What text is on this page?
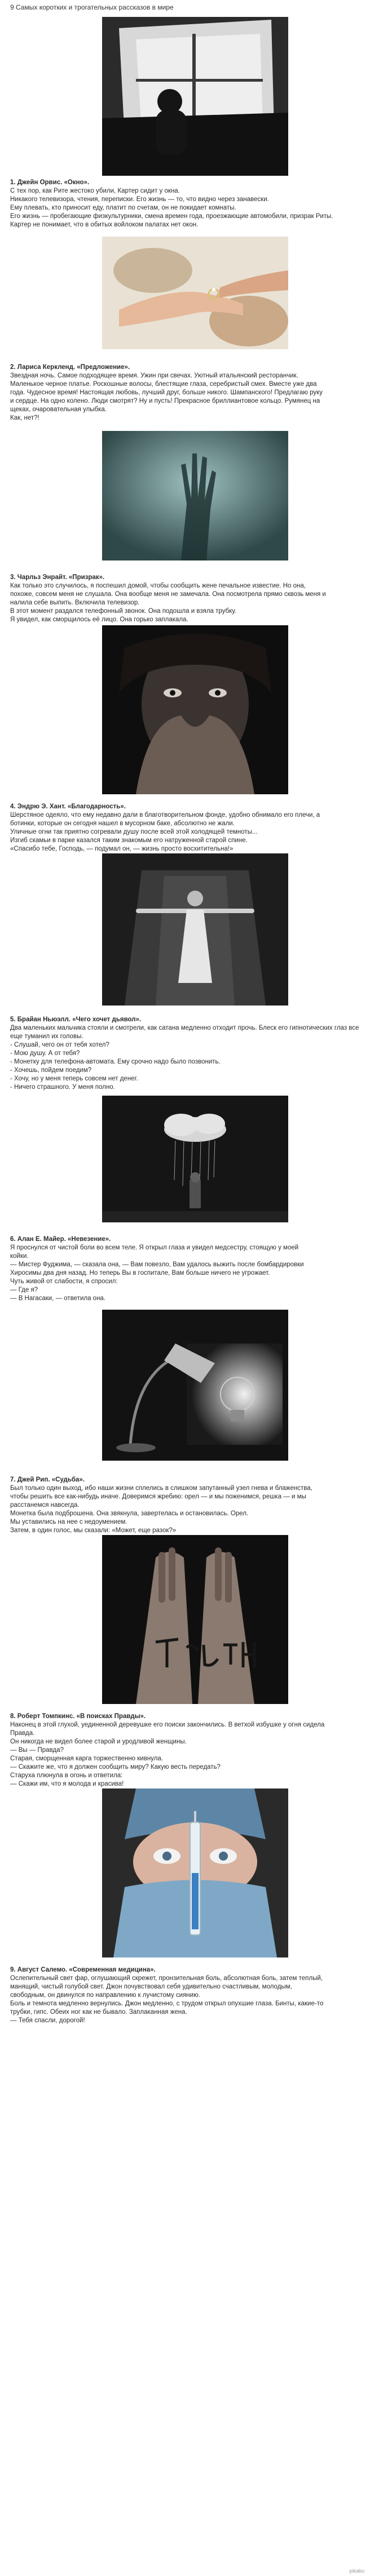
9 Самых коротких и трогательных рассказов в мире

1. Джейн Орвис. «Окно».

С тех пор, как Рите жестоко убили, Картер сидит у окна.

Никакого телевизора, чтения, переписки. Его жизнь — то, что видно через занавески.

Ему плевать, кто приносит еду, платит по счетам, он не покидает комнаты.

Его жизнь — пробегающие физкультурники, смена времен года, проезжающие автомобили, призрак Риты.

Картер не понимает, что в обитых войлоком палатах нет окон.

2. Лариса Керкленд. «Предложение».

Звездная ночь. Самое подходящее время. Ужин при свечах. Уютный итальянский ресторанчик.

Маленькое черное платье. Роскошные волосы, блестящие глаза, серебристый смех. Вместе уже два

года. Чудесное время! Настоящая любовь, лучший друг, больше никого. Шампанского! Предлагаю руку

и сердце. На одно колено. Люди смотрят? Ну и пусть! Прекрасное бриллиантовое кольцо. Румянец на

щеках, очаровательная улыбка.

Как, нет?!

3. Чарльз Энрайт. «Призрак».

Как только это случилось, я поспешил домой, чтобы сообщить жене печальное известие. Но она,

похоже, совсем меня не слушала. Она вообще меня не замечала. Она посмотрела прямо сквозь меня и

налила себе выпить. Включила телевизор.

В этот момент раздался телефонный звонок. Она подошла и взяла трубку.

Я увидел, как сморщилось её лицо. Она горько заплакала.

4. Эндрю Э. Хант. «Благодарность».

Шерстяное одеяло, что ему недавно дали в благотворительном фонде, удобно обнимало его плечи, а

ботинки, которые он сегодня нашел в мусорном баке, абсолютно не жали.

Уличные огни так приятно согревали душу после всей этой холодящей темноты...

Изгиб скамьи в парке казался таким знакомым его натруженной старой спине.

«Спасибо тебе, Господь, — подумал он, — жизнь просто восхитительна!»

5. Брайан Ньюэлл. «Чего хочет дьявол».

Два маленьких мальчика стояли и смотрели, как сатана медленно отходит прочь. Блеск его гипнотических глаз все

еще туманил их головы.

- Слушай, чего он от тебя хотел?

- Мою душу. А от тебя?

- Монетку для телефона-автомата. Ему срочно надо было позвонить.

- Хочешь, пойдем поедим?

- Хочу, но у меня теперь совсем нет денег.

- Ничего страшного. У меня полно.

6. Алан Е. Майер. «Невезение».

Я проснулся от чистой боли во всем теле. Я открыл глаза и увидел медсестру, стоящую у моей

койки.

— Мистер Фуджима, — сказала она, — Вам повезло, Вам удалось выжить после бомбардировки

Хиросимы два дня назад. Но теперь Вы в госпитале, Вам больше ничего не угрожает.

Чуть живой от слабости, я спросил:

— Где я?

— В Нагасаки, — ответила она.

7. Джей Рип. «Судьба».

Был только один выход, ибо наши жизни сплелись в слишком запутанный узел гнева и блаженства,

чтобы решить все как-нибудь иначе. Доверимся жребию: орел — и мы поженимся, решка — и мы

расстанемся навсегда.

Монетка была подброшена. Она звякнула, завертелась и остановилась. Орел.

Мы уставились на нее с недоумением.

Затем, в один голос, мы сказали: «Может, еще разок?»

8. Роберт Томпкинс. «В поисках Правды».

Наконец в этой глухой, уединенной деревушке его поиски закончились. В ветхой избушке у огня сидела

Правда.

Он никогда не видел более старой и уродливой женщины.

— Вы — Правда?

Старая, сморщенная карга торжественно кивнула.

— Скажите же, что я должен сообщить миру? Какую весть передать?

Старуха плюнула в огонь и ответила:

— Скажи им, что я молода и красива!

9. Август Салемо. «Современная медицина».

Ослепительный свет фар, оглушающий скрежет, пронзительная боль, абсолютная боль, затем теплый,

манящий, чистый голубой свет. Джон почувствовал себя удивительно счастливым, молодым,

свободным, он двинулся по направлению к лучистому сиянию.

Боль и темнота медленно вернулись. Джон медленно, с трудом открыл опухшие глаза. Бинты, какие-то

трубки, гипс. Обеих ног как не бывало. Заплаканная жена.

— Тебя спасли, дорогой!

pikabu
